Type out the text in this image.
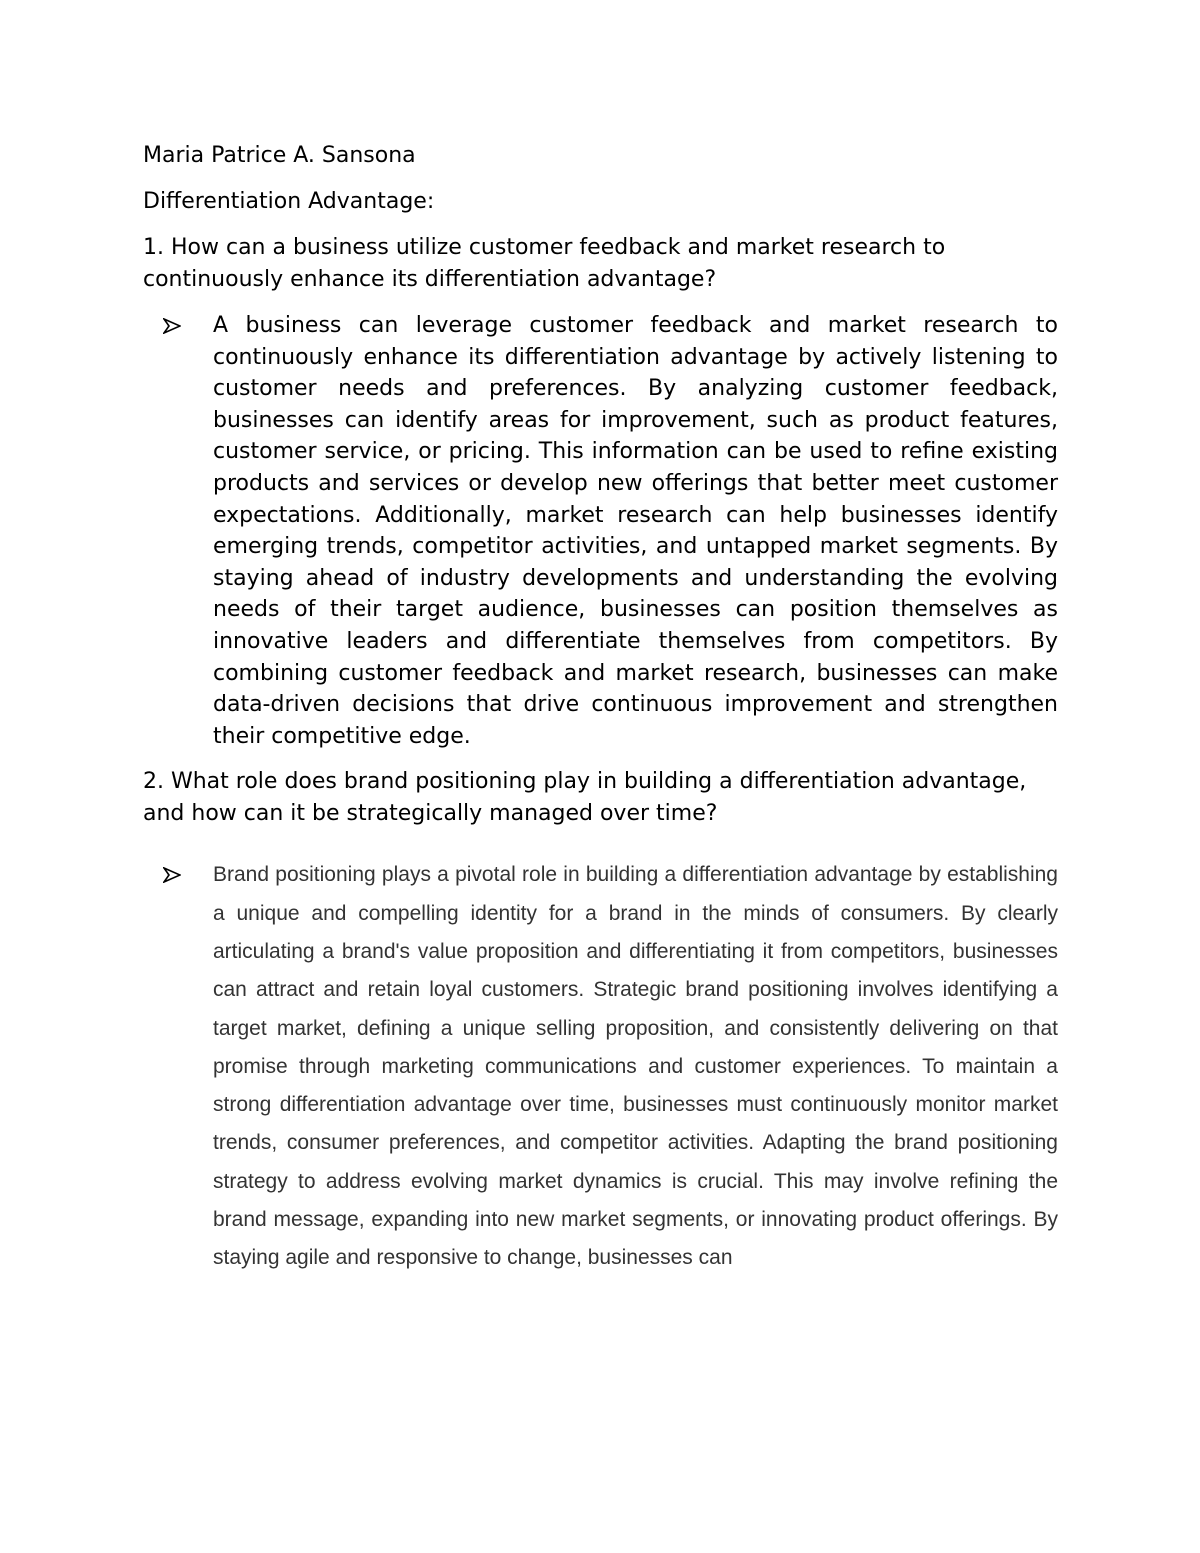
Maria Patrice A. Sansona

Differentiation Advantage:

1. How can a business utilize customer feedback and market research to continuously enhance its differentiation advantage?

A business can leverage customer feedback and market research to continuously enhance its differentiation advantage by actively listening to customer needs and preferences. By analyzing customer feedback, businesses can identify areas for improvement, such as product features, customer service, or pricing. This information can be used to refine existing products and services or develop new offerings that better meet customer expectations. Additionally, market research can help businesses identify emerging trends, competitor activities, and untapped market segments. By staying ahead of industry developments and understanding the evolving needs of their target audience, businesses can position themselves as innovative leaders and differentiate themselves from competitors. By combining customer feedback and market research, businesses can make data-driven decisions that drive continuous improvement and strengthen their competitive edge.

2. What role does brand positioning play in building a differentiation advantage, and how can it be strategically managed over time?

Brand positioning plays a pivotal role in building a differentiation advantage by establishing a unique and compelling identity for a brand in the minds of consumers. By clearly articulating a brand's value proposition and differentiating it from competitors, businesses can attract and retain loyal customers. Strategic brand positioning involves identifying a target market, defining a unique selling proposition, and consistently delivering on that promise through marketing communications and customer experiences. To maintain a strong differentiation advantage over time, businesses must continuously monitor market trends, consumer preferences, and competitor activities. Adapting the brand positioning strategy to address evolving market dynamics is crucial. This may involve refining the brand message, expanding into new market segments, or innovating product offerings. By staying agile and responsive to change, businesses can
